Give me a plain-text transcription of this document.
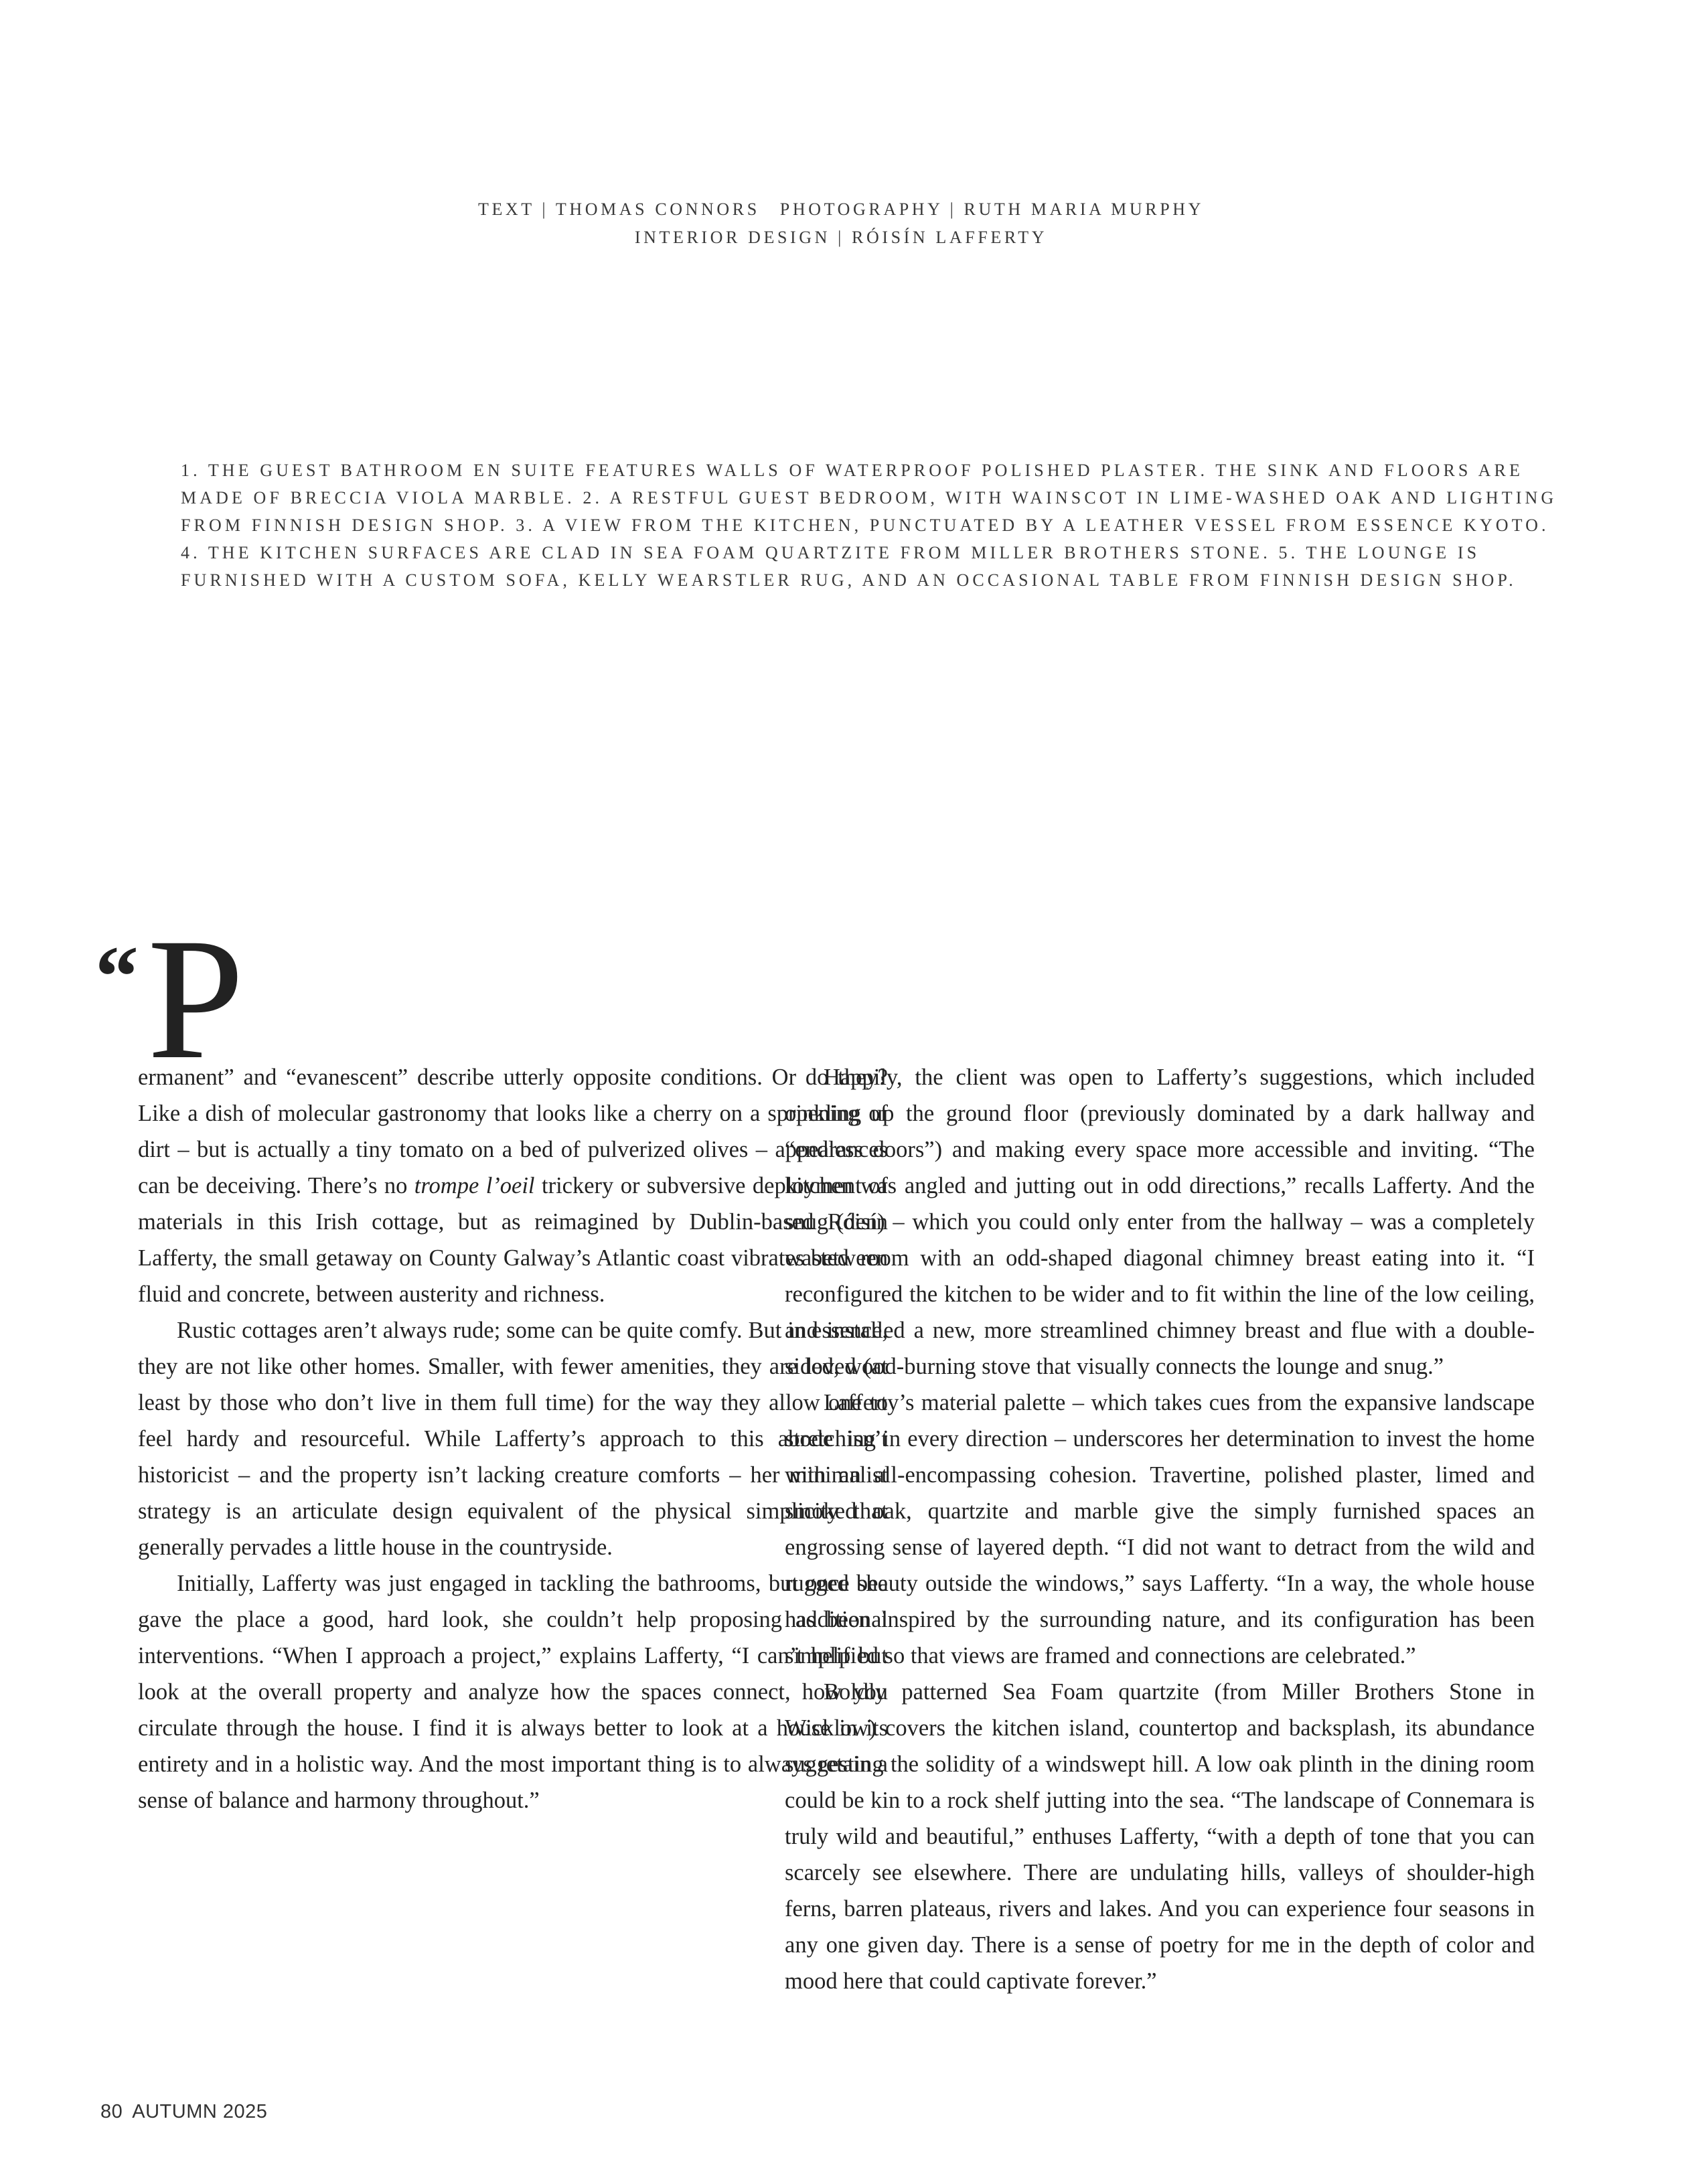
TEXT | THOMAS CONNORS PHOTOGRAPHY | RUTH MARIA MURPHY
INTERIOR DESIGN | RÓISÍN LAFFERTY
1. THE GUEST BATHROOM EN SUITE FEATURES WALLS OF WATERPROOF POLISHED PLASTER. THE SINK AND FLOORS ARE
MADE OF BRECCIA VIOLA MARBLE. 2. A RESTFUL GUEST BEDROOM, WITH WAINSCOT IN LIME-WASHED OAK AND LIGHTING
FROM FINNISH DESIGN SHOP. 3. A VIEW FROM THE KITCHEN, PUNCTUATED BY A LEATHER VESSEL FROM ESSENCE KYOTO.
4. THE KITCHEN SURFACES ARE CLAD IN SEA FOAM QUARTZITE FROM MILLER BROTHERS STONE. 5. THE LOUNGE IS
FURNISHED WITH A CUSTOM SOFA, KELLY WEARSTLER RUG, AND AN OCCASIONAL TABLE FROM FINNISH DESIGN SHOP.
“ P

ermanent” and “evanescent” describe utterly opposite conditions. Or do they? Like a dish of molecular gastronomy that looks like a cherry on a sprinkling of dirt – but is actually a tiny tomato on a bed of pulverized olives – appearances can be deceiving. There’s no trompe l’oeil trickery or subversive deployment of materials in this Irish cottage, but as reimagined by Dublin-based Róisín Lafferty, the small getaway on County Galway’s Atlantic coast vibrates between fluid and concrete, between austerity and richness.

Rustic cottages aren’t always rude; some can be quite comfy. But in essence, they are not like other homes. Smaller, with fewer amenities, they are loved (at least by those who don’t live in them full time) for the way they allow one to feel hardy and resourceful. While Lafferty’s approach to this abode isn’t historicist – and the property isn’t lacking creature comforts – her minimalist strategy is an articulate design equivalent of the physical simplicity that generally pervades a little house in the countryside.

Initially, Lafferty was just engaged in tackling the bathrooms, but once she gave the place a good, hard look, she couldn’t help proposing additional interventions. “When I approach a project,” explains Lafferty, “I can’t help but look at the overall property and analyze how the spaces connect, how you circulate through the house. I find it is always better to look at a house in its entirety and in a holistic way. And the most important thing is to always retain a sense of balance and harmony throughout.”

Happily, the client was open to Lafferty’s suggestions, which included opening up the ground floor (previously dominated by a dark hallway and “endless doors”) and making every space more accessible and inviting. “The kitchen was angled and jutting out in odd directions,” recalls Lafferty. And the snug (den) – which you could only enter from the hallway – was a completely wasted room with an odd-shaped diagonal chimney breast eating into it. “I reconfigured the kitchen to be wider and to fit within the line of the low ceiling, and installed a new, more streamlined chimney breast and flue with a double-sided, wood-burning stove that visually connects the lounge and snug.”

Lafferty’s material palette – which takes cues from the expansive landscape stretching in every direction – underscores her determination to invest the home with an all-encompassing cohesion. Travertine, polished plaster, limed and smoked oak, quartzite and marble give the simply furnished spaces an engrossing sense of layered depth. “I did not want to detract from the wild and rugged beauty outside the windows,” says Lafferty. “In a way, the whole house has been inspired by the surrounding nature, and its configuration has been simplified so that views are framed and connections are celebrated.”

Boldly patterned Sea Foam quartzite (from Miller Brothers Stone in Wicklow) covers the kitchen island, countertop and backsplash, its abundance suggesting the solidity of a windswept hill. A low oak plinth in the dining room could be kin to a rock shelf jutting into the sea. “The landscape of Connemara is truly wild and beautiful,” enthuses Lafferty, “with a depth of tone that you can scarcely see elsewhere. There are undulating hills, valleys of shoulder-high ferns, barren plateaus, rivers and lakes. And you can experience four seasons in any one given day. There is a sense of poetry for me in the depth of color and mood here that could captivate forever.”

80 AUTUMN 2025
